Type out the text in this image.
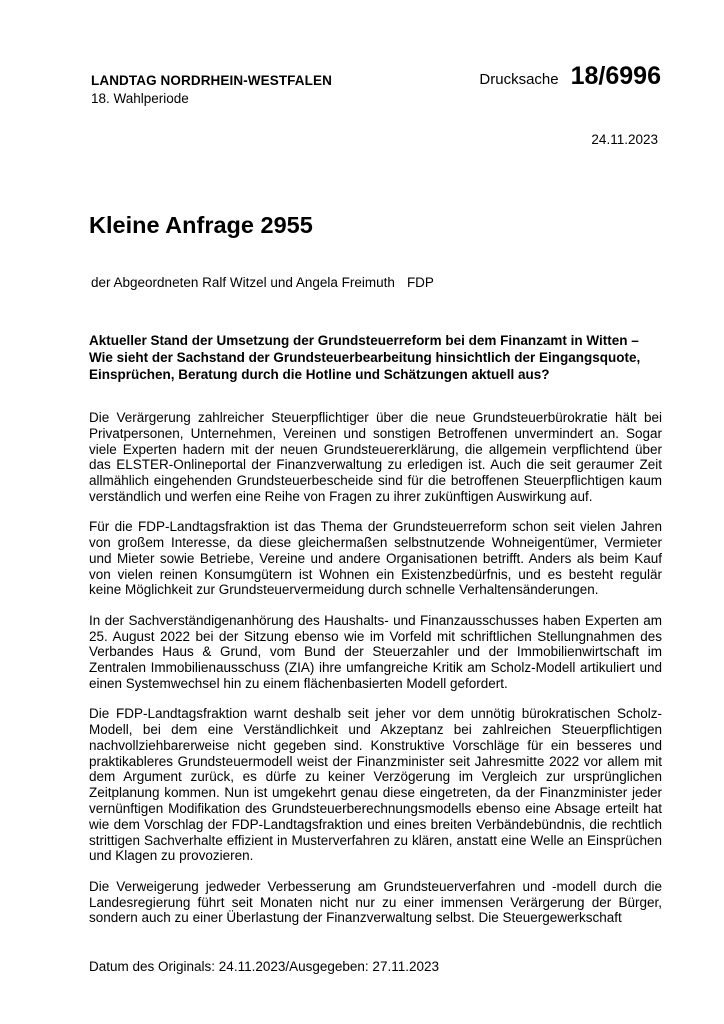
LANDTAG NORDRHEIN-WESTFALEN
18. Wahlperiode
Drucksache 18/6996
24.11.2023
Kleine Anfrage 2955
der Abgeordneten Ralf Witzel und Angela Freimuth FDP

Aktueller Stand der Umsetzung der Grundsteuerreform bei dem Finanzamt in Witten – Wie sieht der Sachstand der Grundsteuerbearbeitung hinsichtlich der Eingangsquote, Einsprüchen, Beratung durch die Hotline und Schätzungen aktuell aus?

Die Verärgerung zahlreicher Steuerpflichtiger über die neue Grundsteuerbürokratie hält bei Privatpersonen, Unternehmen, Vereinen und sonstigen Betroffenen unvermindert an. Sogar viele Experten hadern mit der neuen Grundsteuererklärung, die allgemein verpflichtend über das ELSTER-Onlineportal der Finanzverwaltung zu erledigen ist. Auch die seit geraumer Zeit allmählich eingehenden Grundsteuerbescheide sind für die betroffenen Steuerpflichtigen kaum verständlich und werfen eine Reihe von Fragen zu ihrer zukünftigen Auswirkung auf.

Für die FDP-Landtagsfraktion ist das Thema der Grundsteuerreform schon seit vielen Jahren von großem Interesse, da diese gleichermaßen selbstnutzende Wohneigentümer, Vermieter und Mieter sowie Betriebe, Vereine und andere Organisationen betrifft. Anders als beim Kauf von vielen reinen Konsumgütern ist Wohnen ein Existenzbedürfnis, und es besteht regulär keine Möglichkeit zur Grundsteuervermeidung durch schnelle Verhaltensänderungen.

In der Sachverständigenanhörung des Haushalts- und Finanzausschusses haben Experten am 25. August 2022 bei der Sitzung ebenso wie im Vorfeld mit schriftlichen Stellungnahmen des Verbandes Haus & Grund, vom Bund der Steuerzahler und der Immobilienwirtschaft im Zentralen Immobilienausschuss (ZIA) ihre umfangreiche Kritik am Scholz-Modell artikuliert und einen Systemwechsel hin zu einem flächenbasierten Modell gefordert.

Die FDP-Landtagsfraktion warnt deshalb seit jeher vor dem unnötig bürokratischen Scholz-Modell, bei dem eine Verständlichkeit und Akzeptanz bei zahlreichen Steuerpflichtigen nachvollziehbarerweise nicht gegeben sind. Konstruktive Vorschläge für ein besseres und praktikableres Grundsteuermodell weist der Finanzminister seit Jahresmitte 2022 vor allem mit dem Argument zurück, es dürfe zu keiner Verzögerung im Vergleich zur ursprünglichen Zeitplanung kommen. Nun ist umgekehrt genau diese eingetreten, da der Finanzminister jeder vernünftigen Modifikation des Grundsteuerberechnungsmodells ebenso eine Absage erteilt hat wie dem Vorschlag der FDP-Landtagsfraktion und eines breiten Verbändebündnis, die rechtlich strittigen Sachverhalte effizient in Musterverfahren zu klären, anstatt eine Welle an Einsprüchen und Klagen zu provozieren.

Die Verweigerung jedweder Verbesserung am Grundsteuerverfahren und -modell durch die Landesregierung führt seit Monaten nicht nur zu einer immensen Verärgerung der Bürger, sondern auch zu einer Überlastung der Finanzverwaltung selbst. Die Steuergewerkschaft

Datum des Originals: 24.11.2023/Ausgegeben: 27.11.2023
